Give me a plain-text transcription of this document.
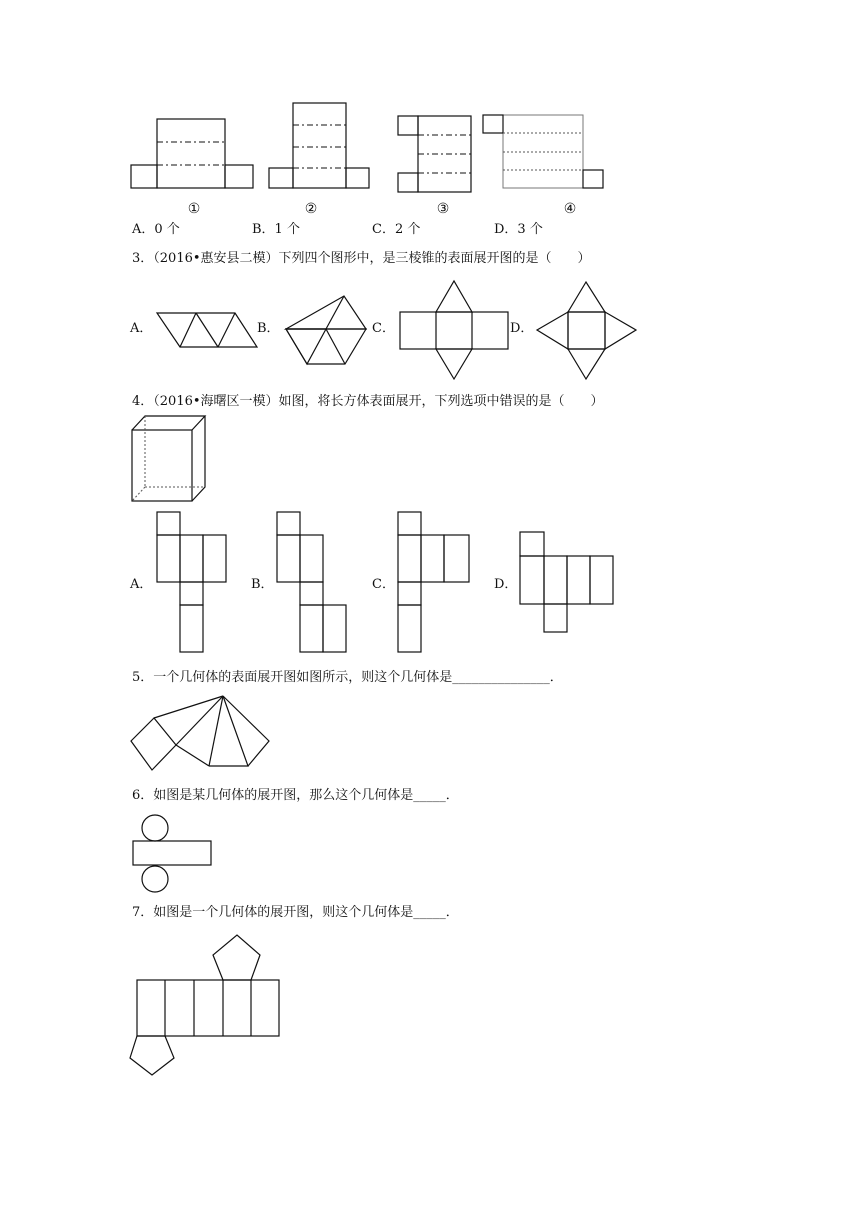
①	②	③	④
A．0 个	B．1 个	C．2 个	D．3 个
3．（2016•惠安县二模）下列四个图形中，是三棱锥的表面展开图的是（　　）
A．	B．	C．	D．
4．（2016•海曙区一模）如图，将长方体表面展开，下列选项中错误的是（　　）
A．	B．	C．	D．
5．一个几何体的表面展开图如图所示，则这个几何体是_______________．
6．如图是某几何体的展开图，那么这个几何体是_____．
7．如图是一个几何体的展开图，则这个几何体是_____．
